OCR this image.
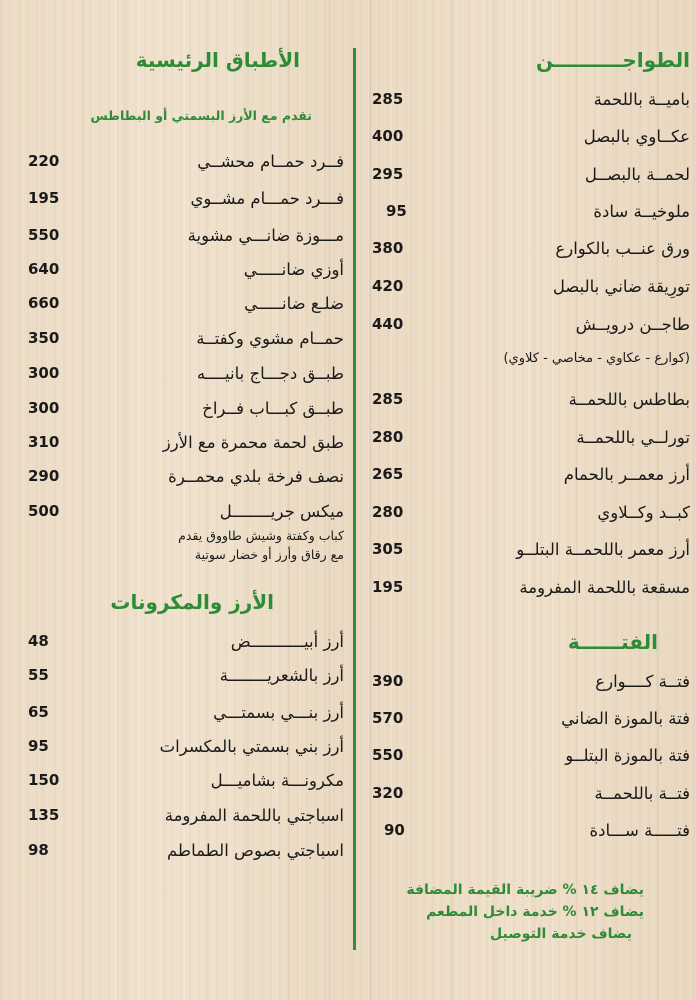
الطواجــــــــــن
باميــة باللحمة
285
عكــاوي بالبصل
400
لحمــة بالبصــل
295
ملوخيــة سادة
95
ورق عنــب بالكوارع
380
تورِيقة ضاني بالبصل
420
طاجــن درويــش
440
(كوارع - عكاوي - مخاصي - كلاوي)
بطاطس باللحمــة
285
تورلــي باللحمــة
280
أرز معمــر بالحمام
265
كبــد وكــلاوي
280
أرز معمر باللحمــة البتلــو
305
مسقعة باللحمة المفرومة
195
الفتــــــة
فتــة كــــوارع
390
فتة بالموزة الضاني
570
فتة بالموزة البتلــو
550
فتــة باللحمــة
320
فتـــــة ســـادة
90
يضاف ١٤ % ضريبة القيمة المضافة
يضاف ١٢ % خدمة داخل المطعم
يضاف خدمة التوصيل
الأطباق الرئيسية
تقدم مع الأرز البسمتي أو البطاطس
فــرد حمــام محشــي
220
فـــرد حمـــام مشــوي
195
مـــوزة ضانـــي مشوية
550
أوزي ضانـــــي
640
ضلـع ضانـــــي
660
حمــام مشوي وكفتــة
350
طبــق دجـــاج بانيــــه
300
طبــق كبـــاب فــراخ
300
طبق لحمة محمرة مع الأرز
310
نصف فرخة بلدي محمــرة
290
ميكس جريــــــــل
500
كباب وكفتة وشيش طاووق يقدم
مع رقاق وأرز أو خضار سوتية
الأرز والمكرونات
أرز أبيـــــــــــض
48
أرز بالشعريــــــــة
55
أرز بنـــي بسمتـــي
65
أرز بني بسمتي بالمكسرات
95
مكرونـــة بشاميـــل
150
اسباجتي باللحمة المفرومة
135
اسباجتي بصوص الطماطم
98
